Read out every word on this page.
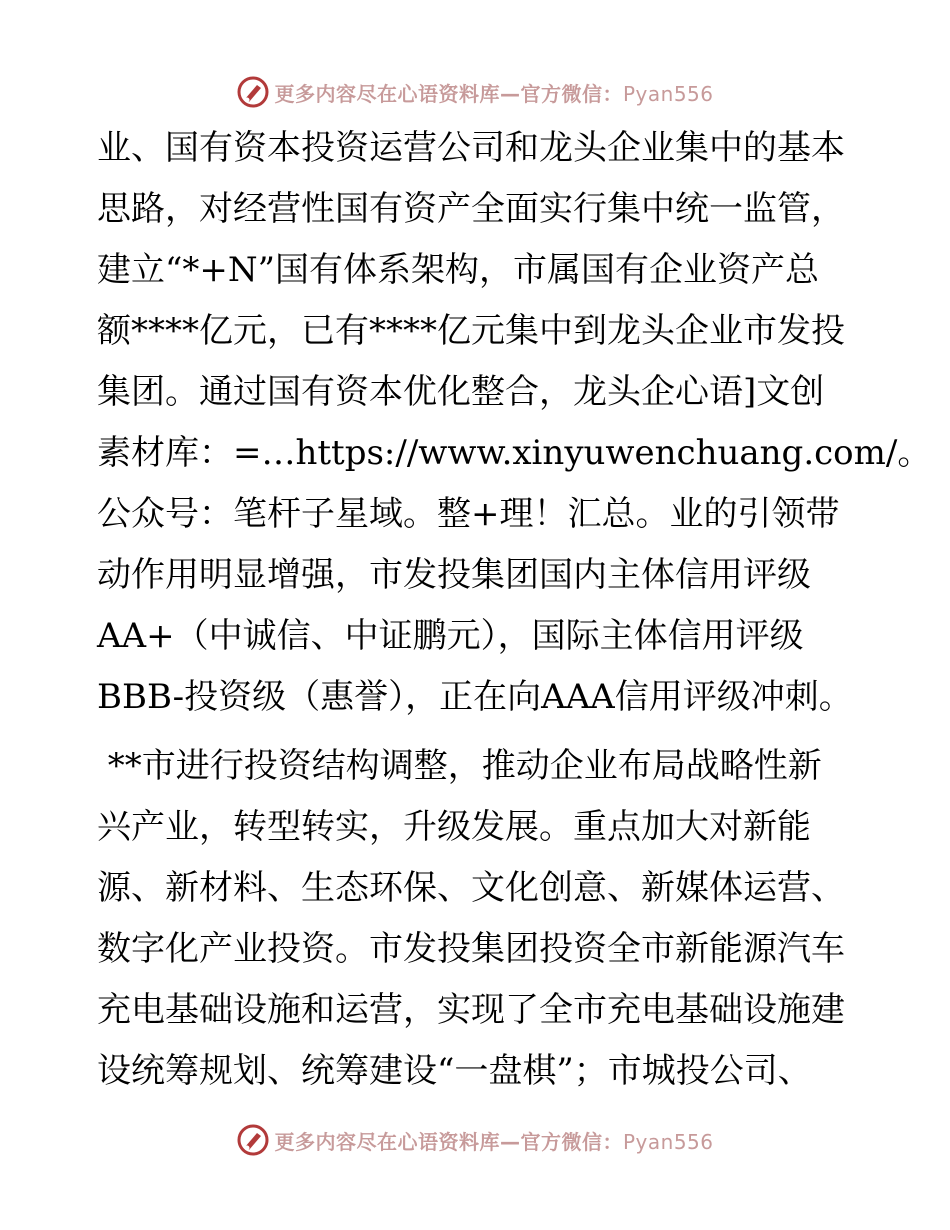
更多内容尽在心语资料库—官方微信：Pyan556
业、国有资本投资运营公司和龙头企业集中的基本
思路，对经营性国有资产全面实行集中统一监管，
建立“*+N”国有体系架构，市属国有企业资产总
额****亿元，已有****亿元集中到龙头企业市发投
集团。通过国有资本优化整合，龙头企心语]文创
素材库：=…https://www.xinyuwenchuang.com/。
公众号：笔杆子星域。整+理！汇总。业的引领带
动作用明显增强，市发投集团国内主体信用评级
AA+（中诚信、中证鹏元），国际主体信用评级
BBB-投资级（惠誉），正在向AAA信用评级冲刺。
**市进行投资结构调整，推动企业布局战略性新
兴产业，转型转实，升级发展。重点加大对新能
源、新材料、生态环保、文化创意、新媒体运营、
数字化产业投资。市发投集团投资全市新能源汽车
充电基础设施和运营，实现了全市充电基础设施建
设统筹规划、统筹建设“一盘棋”；市城投公司、
更多内容尽在心语资料库—官方微信：Pyan556
